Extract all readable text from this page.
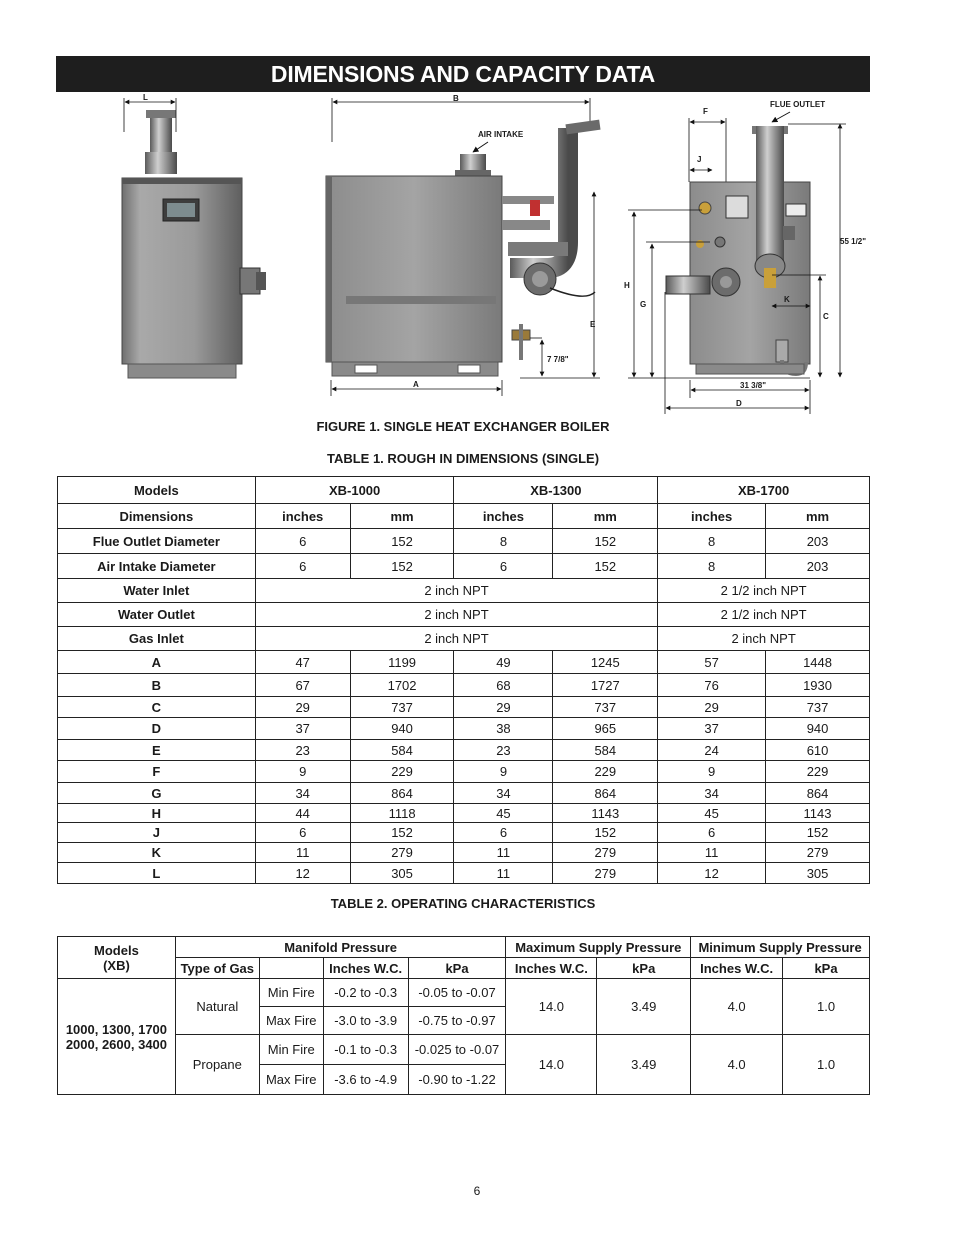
DIMENSIONS AND CAPACITY DATA
L	B
AIR INTAKE
E
7 7/8"
A
FLUE OUTLET
F
J
H
G
55 1/2"
C
K
31 3/8"
D
FIGURE 1. SINGLE HEAT EXCHANGER BOILER
TABLE 1. ROUGH IN DIMENSIONS (SINGLE)
Models	XB-1000		XB-1300		XB-1700	
Dimensions	inches	mm	inches	mm	inches	mm
Flue Outlet Diameter	6	152	8	152	8	203
Air Intake Diameter	6	152	6	152	8	203
Water Inlet	2 inch NPT				2 1/2 inch NPT	
Water Outlet	2 inch NPT				2 1/2 inch NPT	
Gas Inlet	2 inch NPT				2 inch NPT	
A	47	1199	49	1245	57	1448
B	67	1702	68	1727	76	1930
C	29	737	29	737	29	737
D	37	940	38	965	37	940
E	23	584	23	584	24	610
F	9	229	9	229	9	229
G	34	864	34	864	34	864
H	44	1118	45	1143	45	1143
J	6	152	6	152	6	152
K	11	279	11	279	11	279
L	12	305	11	279	12	305
TABLE 2. OPERATING CHARACTERISTICS
Models
(XB)	Manifold Pressure				Maximum Supply Pressure		Minimum Supply Pressure	
	Type of Gas		Inches W.C.	kPa	Inches W.C.	kPa	Inches W.C.	kPa

1000, 1300, 1700
2000, 2600, 3400	Natural	Min Fire	-0.2 to -0.3	-0.05 to -0.07	14.0	3.49	4.0	1.0
		Max Fire	-3.0 to -3.9	-0.75 to -0.97				
	Propane	Min Fire	-0.1 to -0.3	-0.025 to -0.07	14.0	3.49	4.0	1.0
		Max Fire	-3.6 to -4.9	-0.90 to -1.22				
6
